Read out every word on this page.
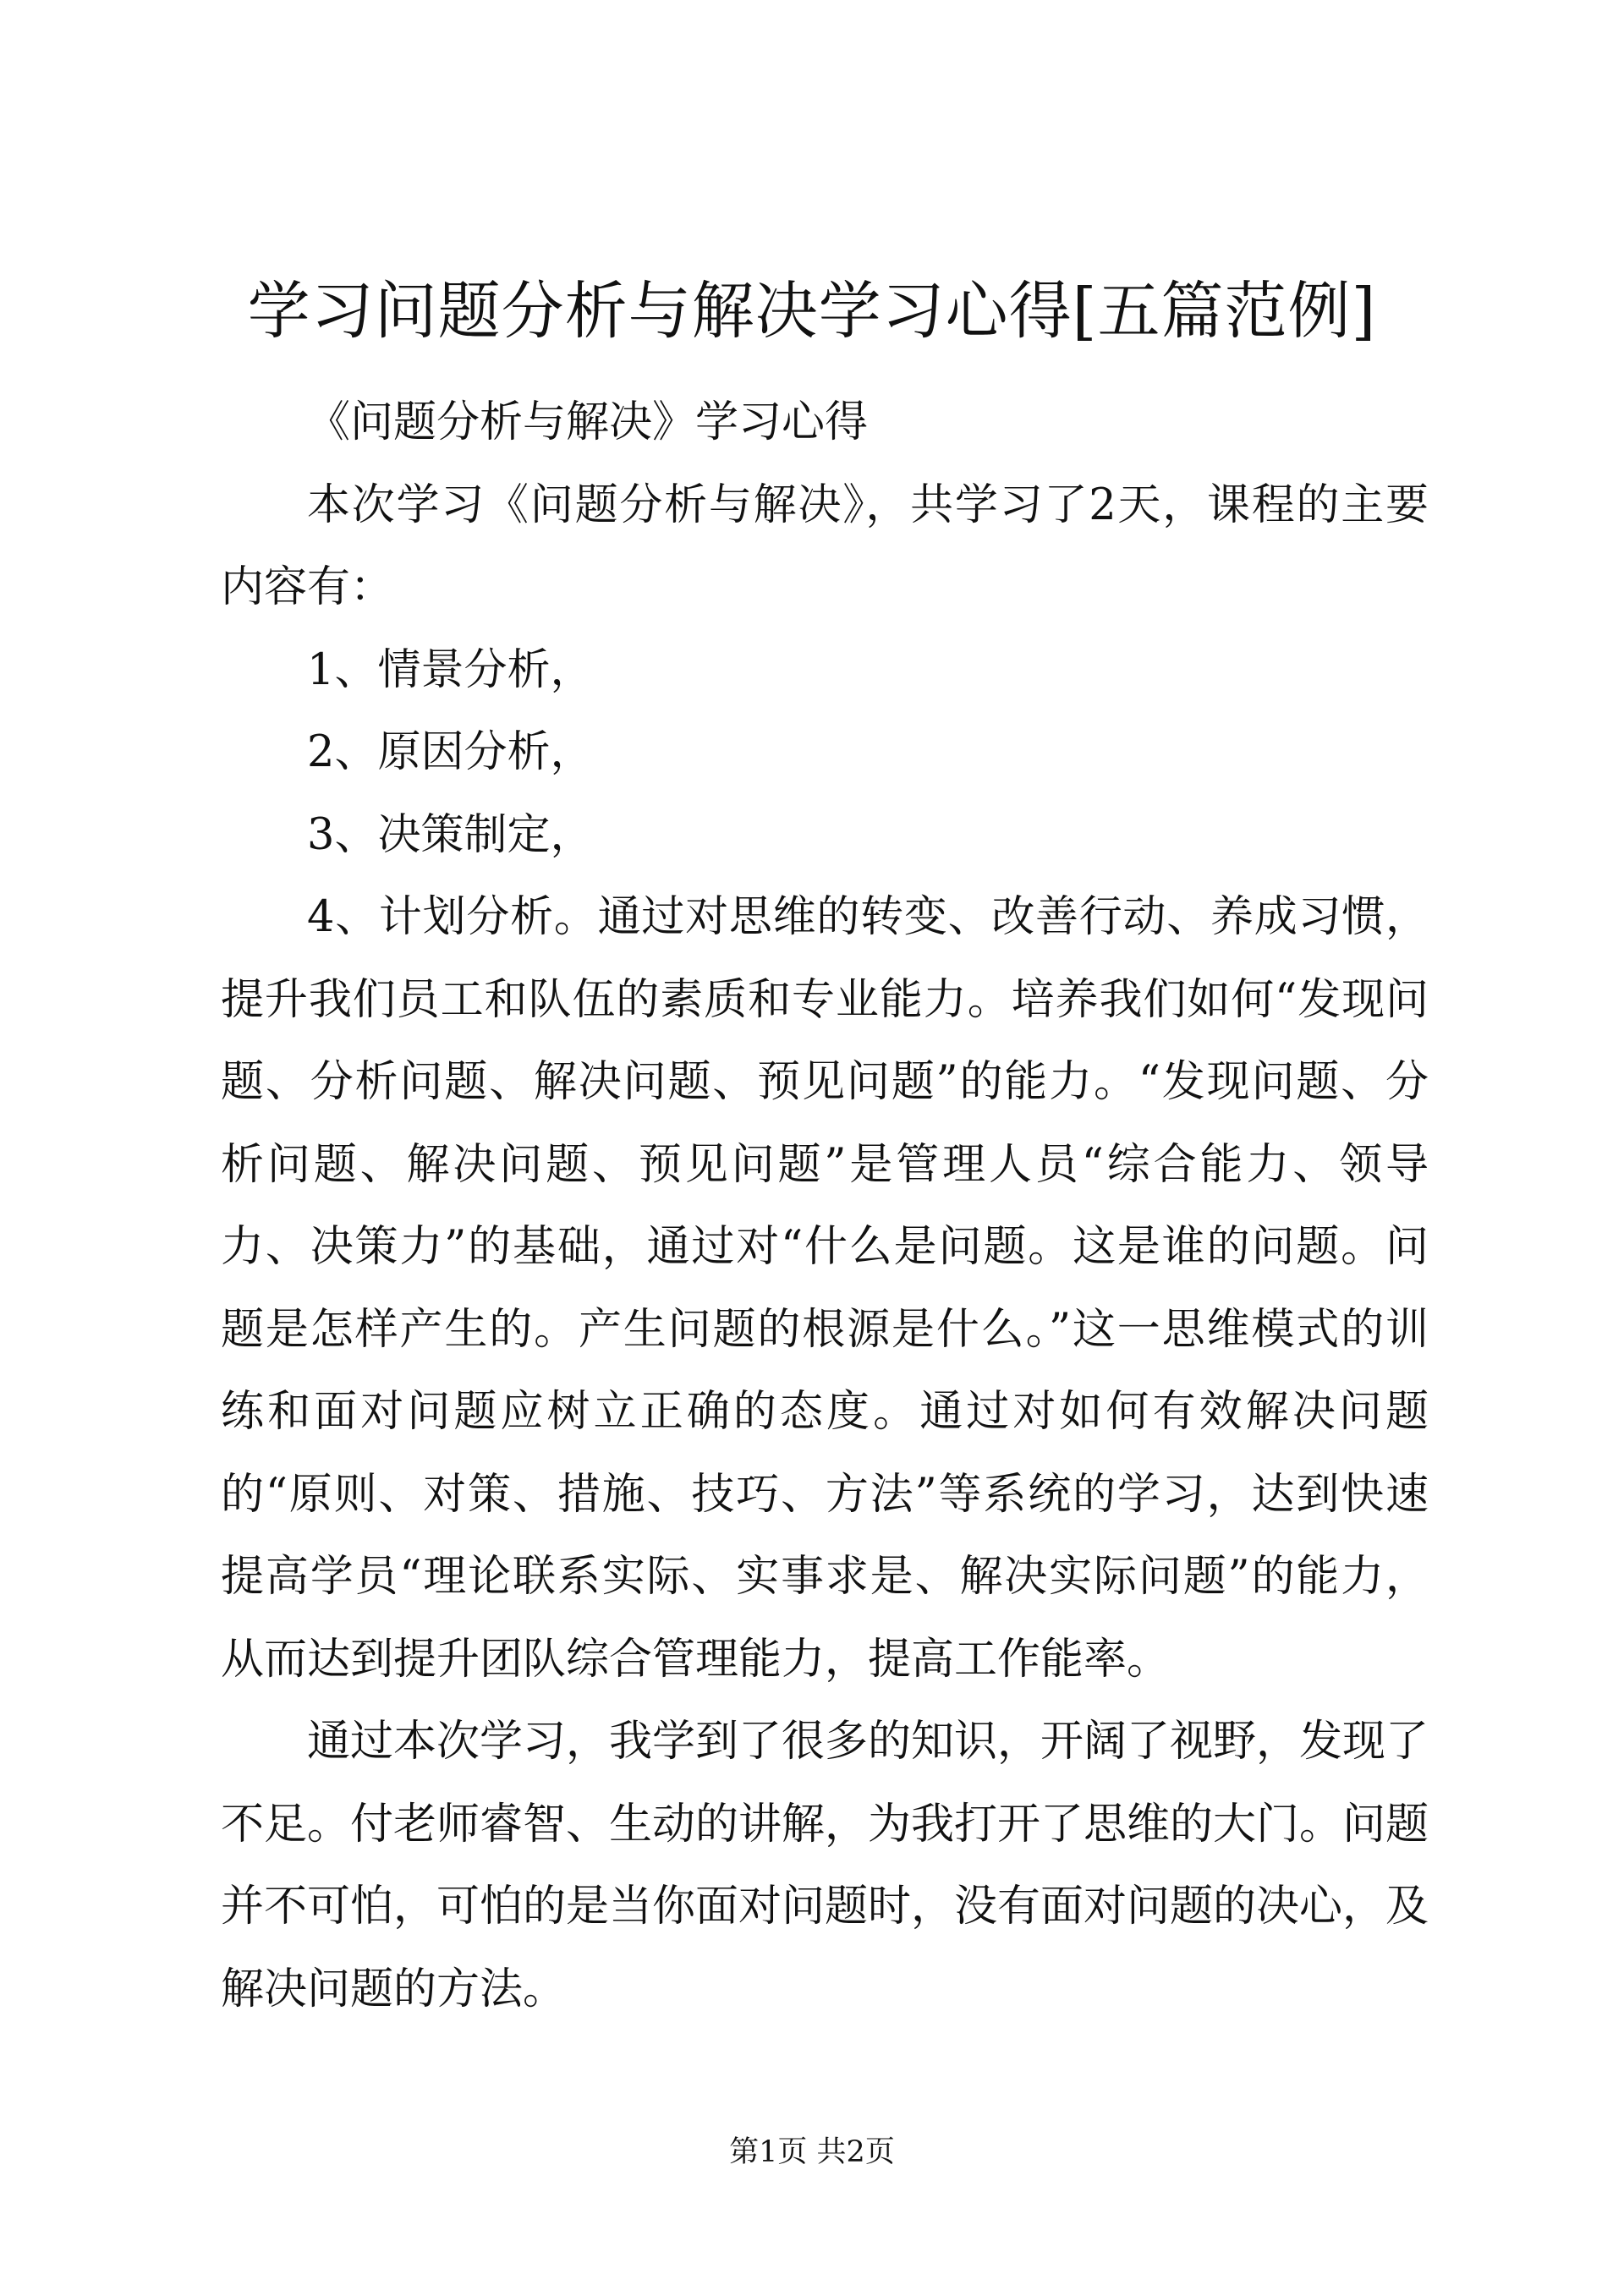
学习问题分析与解决学习心得[五篇范例]

《问题分析与解决》学习心得

本次学习《问题分析与解决》，共学习了2天，课程的主要内容有：

1、情景分析，

2、原因分析，

3、决策制定，

4、计划分析。通过对思维的转变、改善行动、养成习惯，提升我们员工和队伍的素质和专业能力。培养我们如何“发现问题、分析问题、解决问题、预见问题”的能力。“发现问题、分析问题、解决问题、预见问题”是管理人员“综合能力、领导力、决策力”的基础，通过对“什么是问题。这是谁的问题。问题是怎样产生的。产生问题的根源是什么。”这一思维模式的训练和面对问题应树立正确的态度。通过对如何有效解决问题的“原则、对策、措施、技巧、方法”等系统的学习，达到快速提高学员“理论联系实际、实事求是、解决实际问题”的能力，从而达到提升团队综合管理能力，提高工作能率。

通过本次学习，我学到了很多的知识，开阔了视野，发现了不足。付老师睿智、生动的讲解，为我打开了思维的大门。问题并不可怕，可怕的是当你面对问题时，没有面对问题的决心，及解决问题的方法。

第1页 共2页
